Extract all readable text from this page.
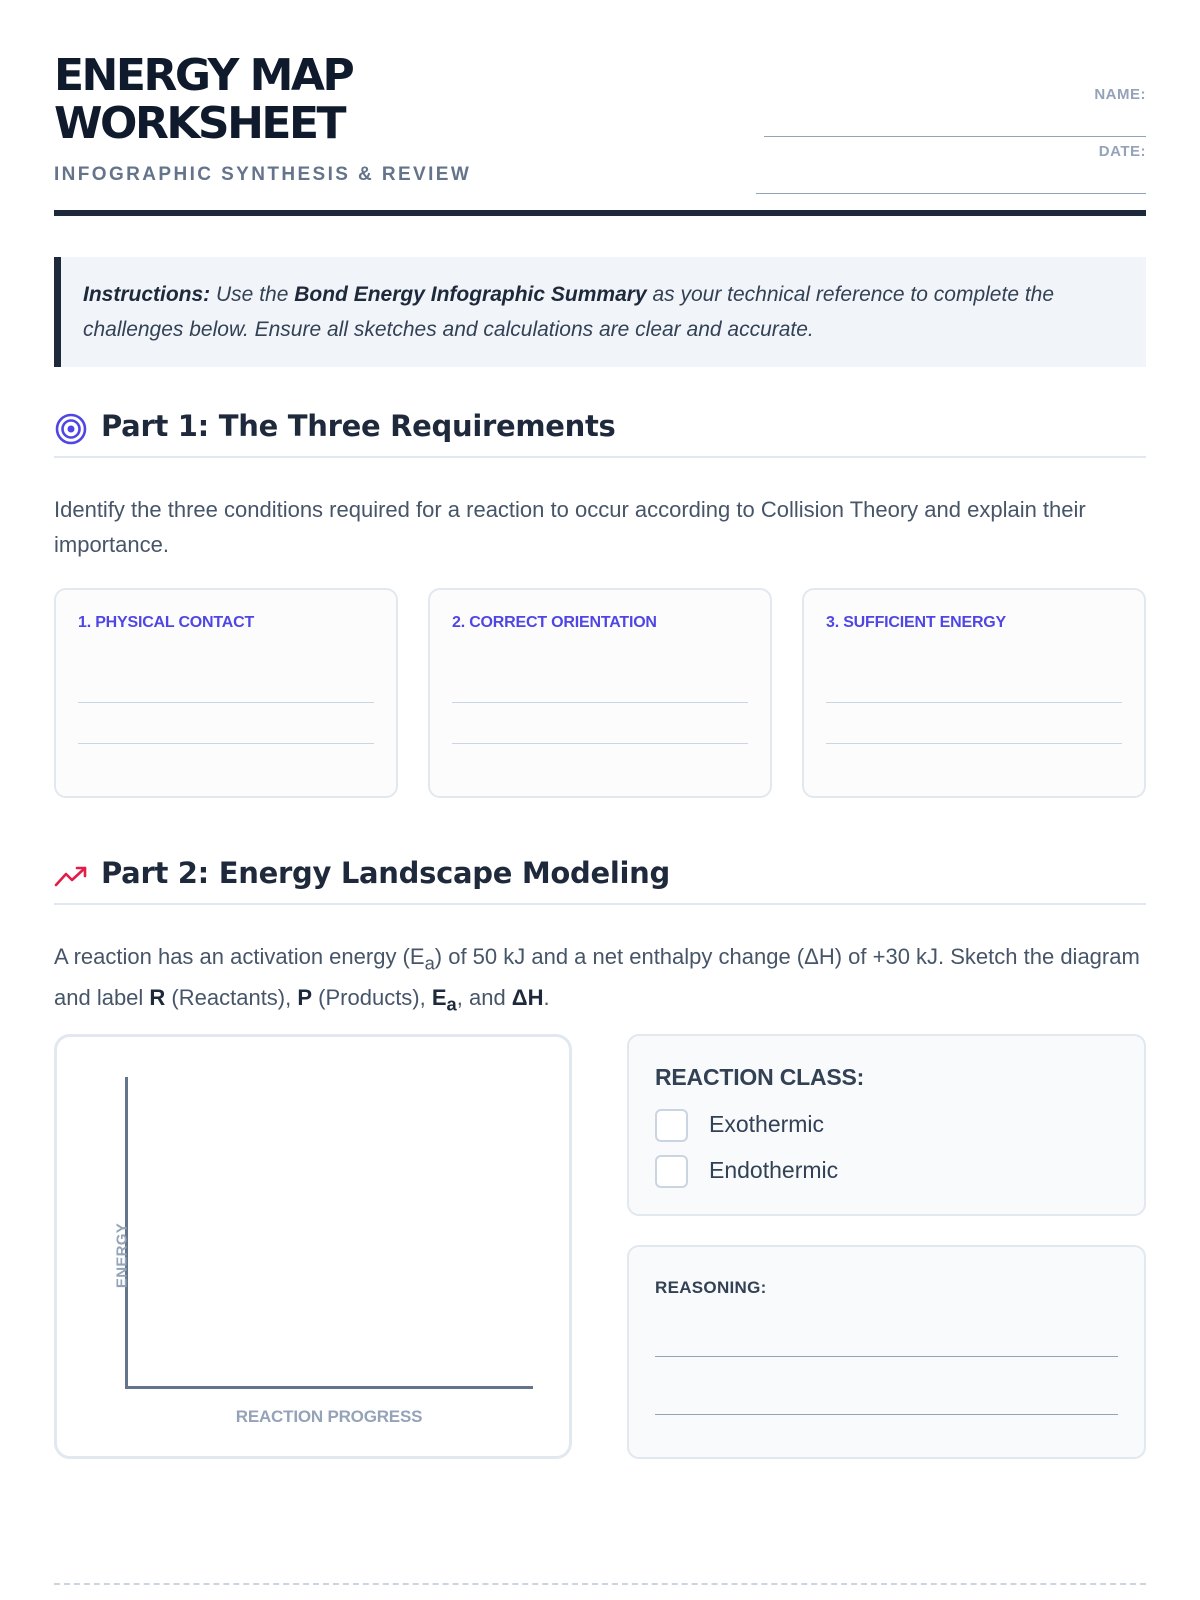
ENERGY MAP
WORKSHEET
INFOGRAPHIC SYNTHESIS & REVIEW
NAME:
DATE:
Instructions: Use the Bond Energy Infographic Summary as your technical reference to complete the challenges below. Ensure all sketches and calculations are clear and accurate.
Part 1: The Three Requirements
Identify the three conditions required for a reaction to occur according to Collision Theory and explain their importance.
1. PHYSICAL CONTACT	2. CORRECT ORIENTATION	3. SUFFICIENT ENERGY
Part 2: Energy Landscape Modeling
A reaction has an activation energy $(E_a)$ of 50 kJ and a net enthalpy change (ΔH) of +30 kJ. Sketch the diagram and label R (Reactants), P (Products), $E_a$, and ΔH.
ENERGY
REACTION PROGRESS
REACTION CLASS:
Exothermic
Endothermic
REASONING:
